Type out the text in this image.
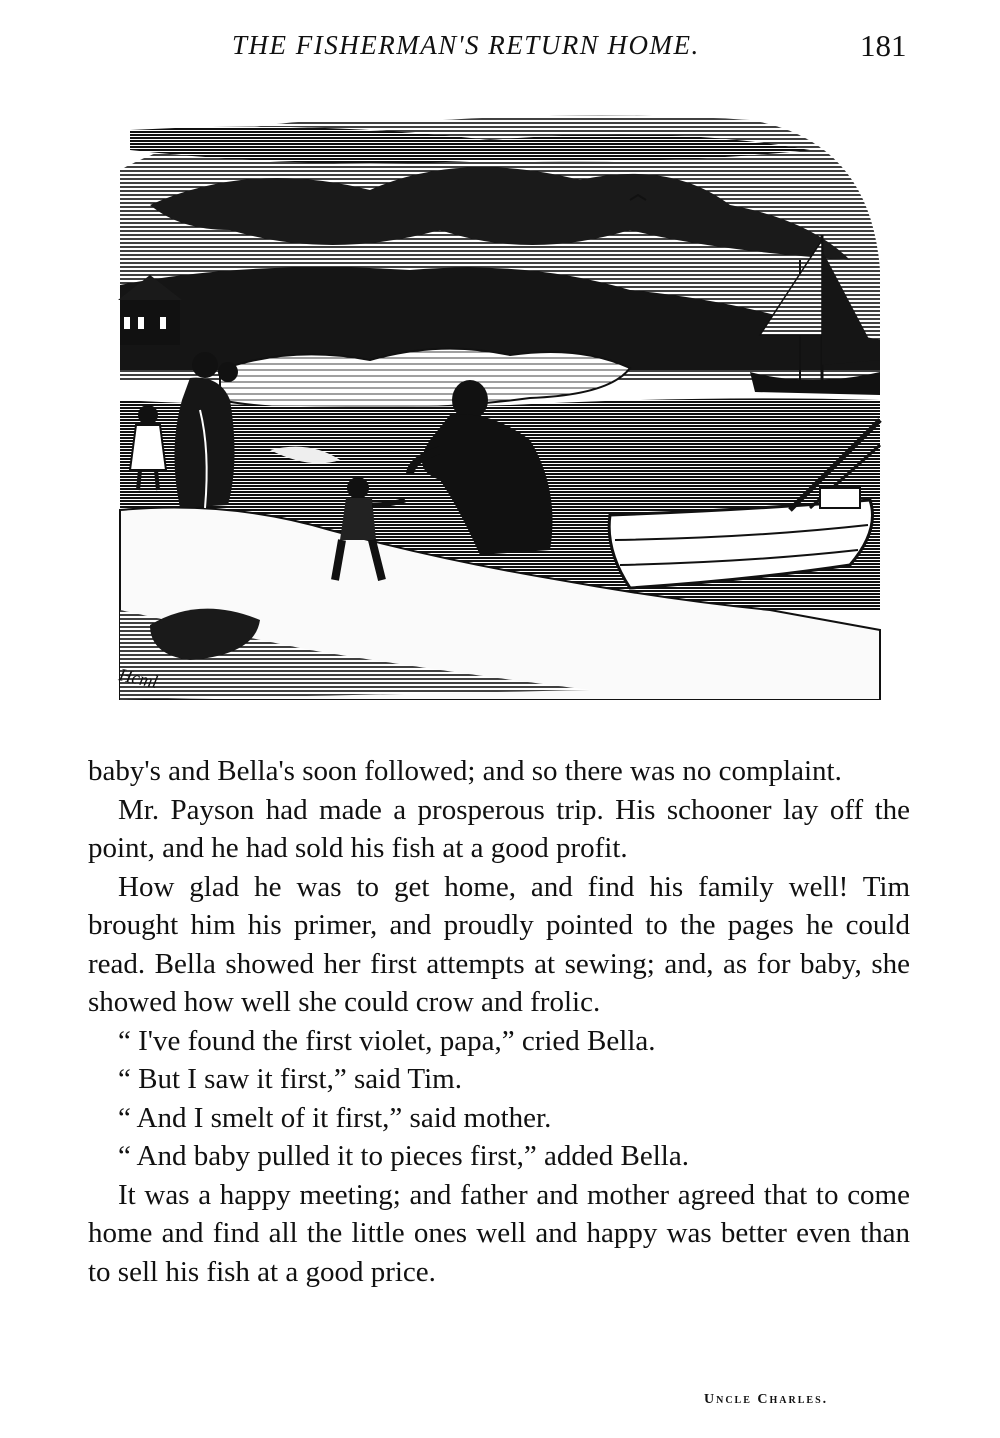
THE FISHERMAN'S RETURN HOME.	181
Hcml

baby's and Bella's soon followed; and so there was no complaint.

Mr. Payson had made a prosperous trip. His schooner lay off the point, and he had sold his fish at a good profit.

How glad he was to get home, and find his family well! Tim brought him his primer, and proudly pointed to the pages he could read. Bella showed her first attempts at sewing; and, as for baby, she showed how well she could crow and frolic.

“ I've found the first violet, papa,” cried Bella.

“ But I saw it first,” said Tim.

“ And I smelt of it first,” said mother.

“ And baby pulled it to pieces first,” added Bella.

It was a happy meeting; and father and mother agreed that to come home and find all the little ones well and happy was better even than to sell his fish at a good price.

Uncle Charles.
